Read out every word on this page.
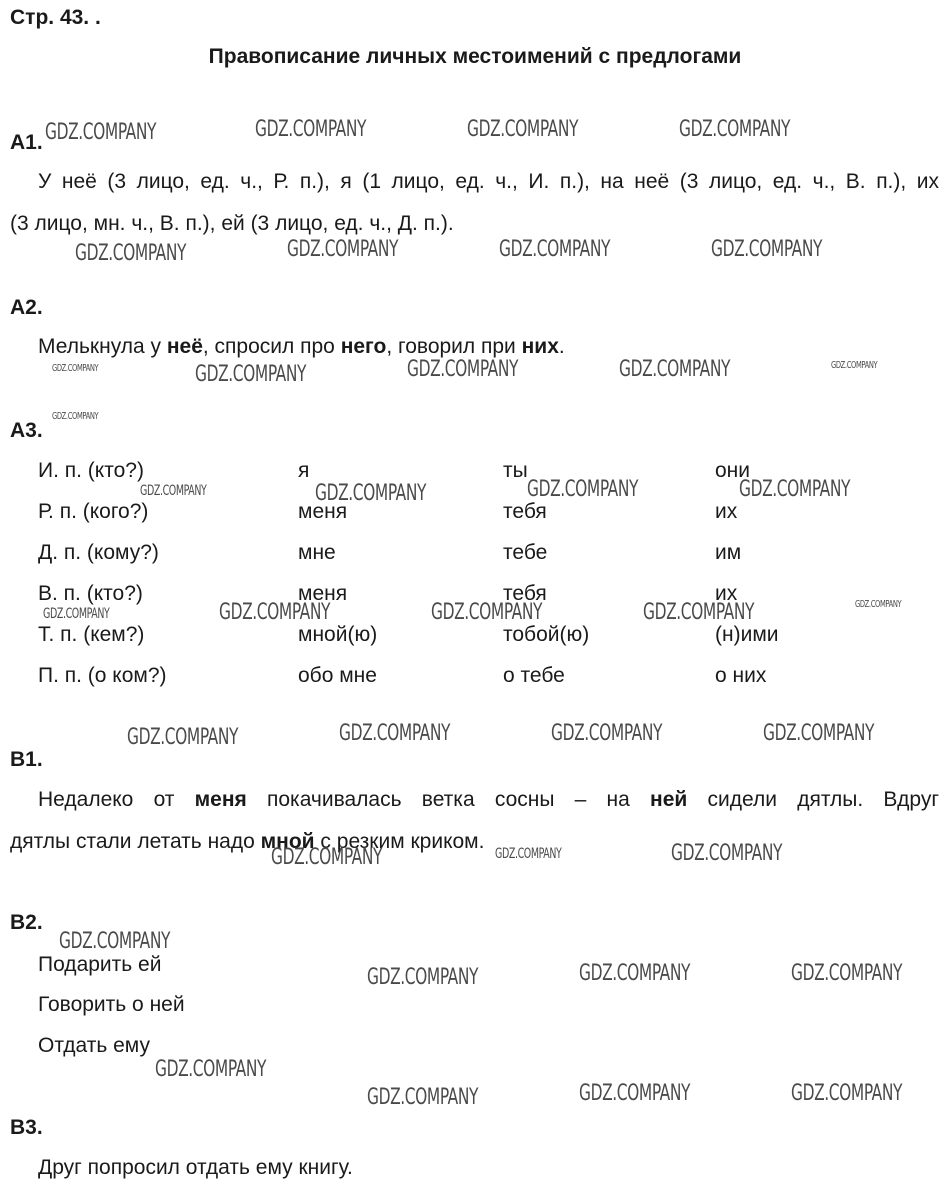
Стр. 43. .
Правописание личных местоимений с предлогами
А1.
У неё (3 лицо, ед. ч., Р. п.), я (1 лицо, ед. ч., И. п.), на неё (3 лицо, ед. ч., В. п.), их
(3 лицо, мн. ч., В. п.), ей (3 лицо, ед. ч., Д. п.).
А2.
Мелькнула у неё, спросил про него, говорил при них.
А3.
И. п. (кто?)	я	ты	они
Р. п. (кого?)	меня	тебя	их
Д. п. (кому?)	мне	тебе	им
В. п. (кто?)	меня	тебя	их
Т. п. (кем?)	мной(ю)	тобой(ю)	(н)ими
П. п. (о ком?)	обо мне	о тебе	о них
В1.
Недалеко от меня покачивалась ветка сосны – на ней сидели дятлы. Вдруг
дятлы стали летать надо мной с резким криком.
В2.
Подарить ей
Говорить о ней
Отдать ему
В3.
Друг попросил отдать ему книгу.
GDZ.COMPANY	GDZ.COMPANY	GDZ.COMPANY	GDZ.COMPANY
GDZ.COMPANY	GDZ.COMPANY	GDZ.COMPANY	GDZ.COMPANY
GDZ.COMPANY	GDZ.COMPANY	GDZ.COMPANY	GDZ.COMPANY	GDZ.COMPANY
GDZ.COMPANY
GDZ.COMPANY	GDZ.COMPANY	GDZ.COMPANY	GDZ.COMPANY
GDZ.COMPANY	GDZ.COMPANY	GDZ.COMPANY	GDZ.COMPANY	GDZ.COMPANY
GDZ.COMPANY	GDZ.COMPANY	GDZ.COMPANY	GDZ.COMPANY
GDZ.COMPANY	GDZ.COMPANY	GDZ.COMPANY
GDZ.COMPANY
GDZ.COMPANY	GDZ.COMPANY	GDZ.COMPANY
GDZ.COMPANY
GDZ.COMPANY	GDZ.COMPANY	GDZ.COMPANY
